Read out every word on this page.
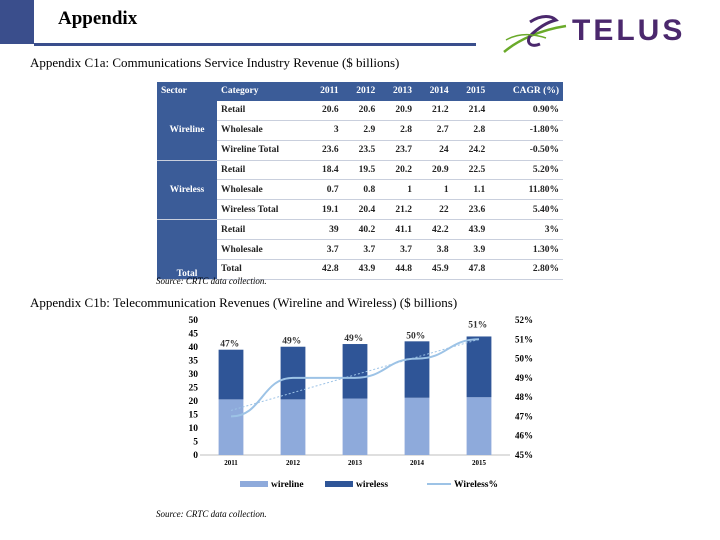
Appendix	TELUS
Appendix C1a: Communications Service Industry Revenue ($ billions)
Sector	Category	2011	2012	2013	2014	2015	CAGR (%)
Wireline	Retail	20.6	20.6	20.9	21.2	21.4	0.90%
	Wholesale	3	2.9	2.8	2.7	2.8	-1.80%
	Wireline Total	23.6	23.5	23.7	24	24.2	-0.50%
Wireless	Retail	18.4	19.5	20.2	20.9	22.5	5.20%
	Wholesale	0.7	0.8	1	1	1.1	11.80%
	Wireless Total	19.1	20.4	21.2	22	23.6	5.40%
Total	Retail	39	40.2	41.1	42.2	43.9	3%
	Wholesale	3.7	3.7	3.7	3.8	3.9	1.30%
	Total	42.8	43.9	44.8	45.9	47.8	2.80%
Source: CRTC data collection.
Appendix C1b: Telecommunication Revenues (Wireline and Wireless) ($ billions)
0
5
10
15
20
25
30
35
40
45
50
45%
46%
47%
48%
49%
50%
51%
52%
2011	2012	2013	2014	2015
47%	49%	49%	50%
51%
wireline	wireless	Wireless%
Source: CRTC data collection.
